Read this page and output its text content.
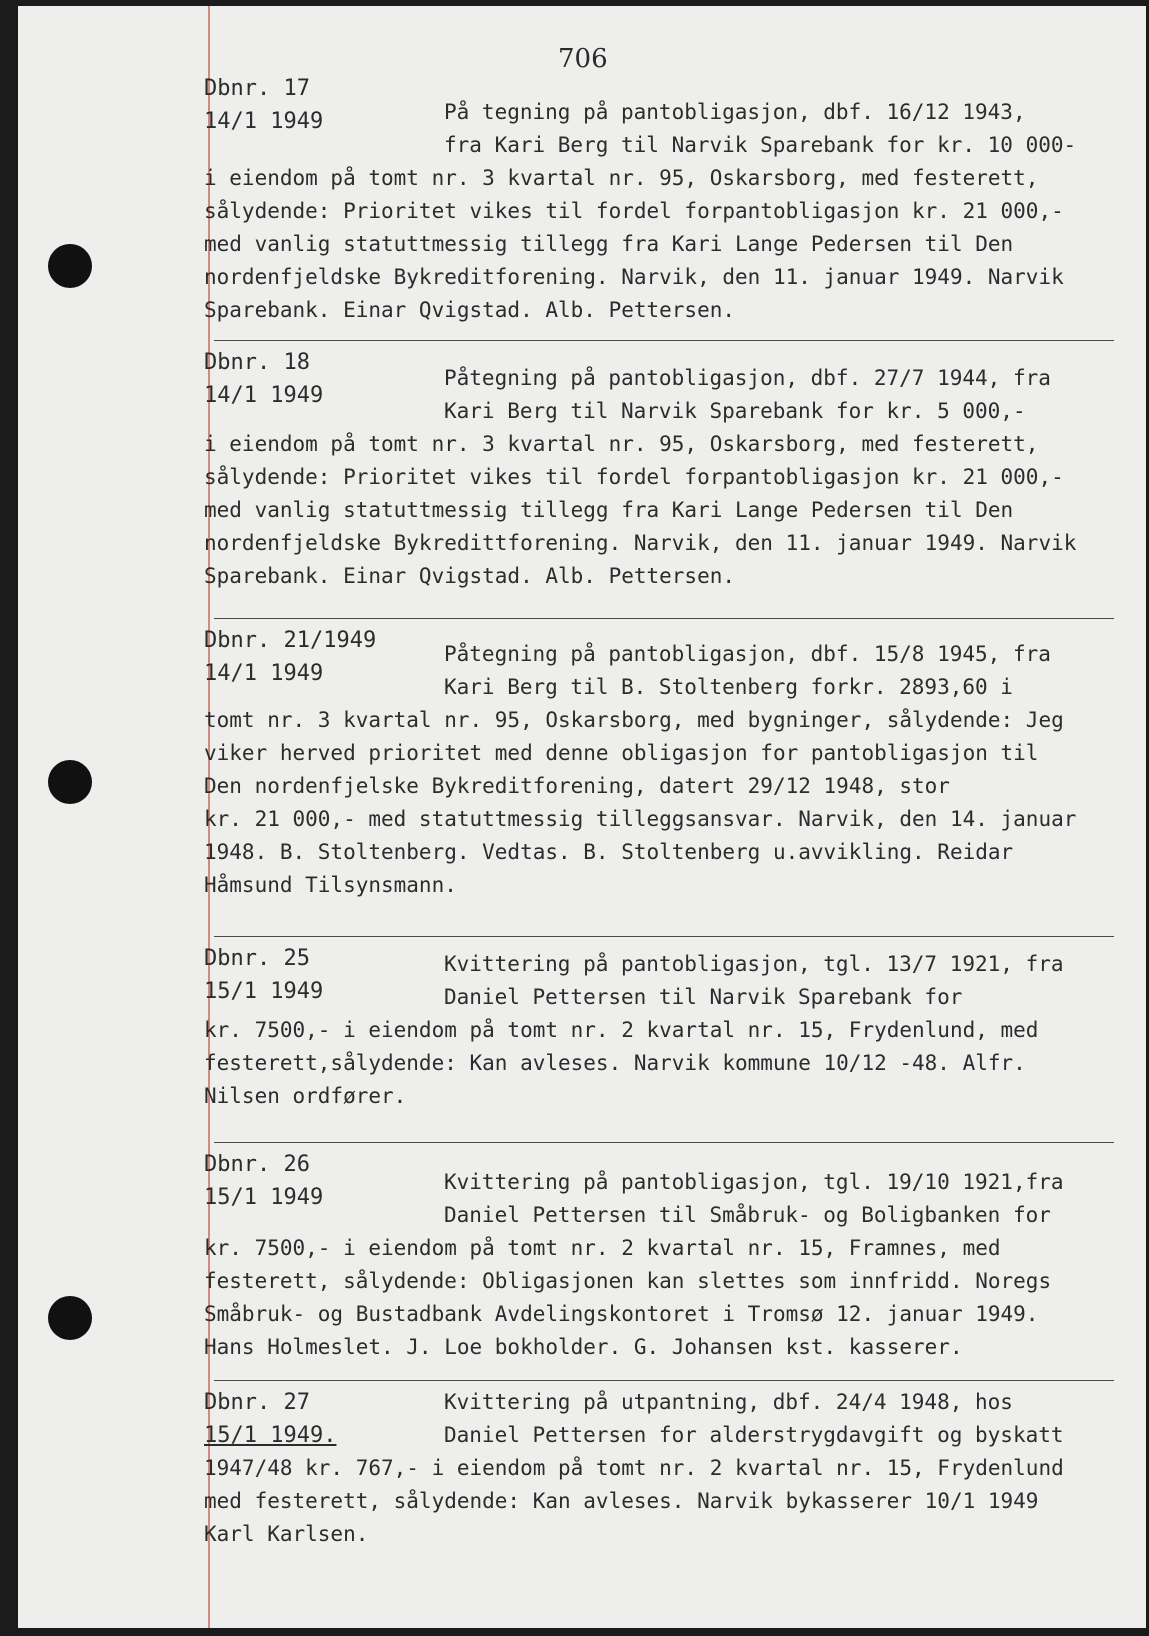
706
Dbnr. 17
14/1 1949	På tegning på pantobligasjon, dbf. 16/12 1943,
fra Kari Berg til Narvik Sparebank for kr. 10 000-
i eiendom på tomt nr. 3 kvartal nr. 95, Oskarsborg, med festerett,
sålydende: Prioritet vikes til fordel forpantobligasjon kr. 21 000,-
med vanlig statuttmessig tillegg fra Kari Lange Pedersen til Den
nordenfjeldske Bykreditforening. Narvik, den 11. januar 1949. Narvik
Sparebank. Einar Qvigstad. Alb. Pettersen.
Dbnr. 18
14/1 1949
Påtegning på pantobligasjon, dbf. 27/7 1944, fra
Kari Berg til Narvik Sparebank for kr. 5 000,-
i eiendom på tomt nr. 3 kvartal nr. 95, Oskarsborg, med festerett,
sålydende: Prioritet vikes til fordel forpantobligasjon kr. 21 000,-
med vanlig statuttmessig tillegg fra Kari Lange Pedersen til Den
nordenfjeldske Bykredittforening. Narvik, den 11. januar 1949. Narvik
Sparebank. Einar Qvigstad. Alb. Pettersen.
Dbnr. 21/1949
14/1 1949
Påtegning på pantobligasjon, dbf. 15/8 1945, fra
Kari Berg til B. Stoltenberg forkr. 2893,60 i
tomt nr. 3 kvartal nr. 95, Oskarsborg, med bygninger, sålydende: Jeg
viker herved prioritet med denne obligasjon for pantobligasjon til
Den nordenfjelske Bykreditforening, datert 29/12 1948, stor
kr. 21 000,- med statuttmessig tilleggsansvar. Narvik, den 14. januar
1948. B. Stoltenberg. Vedtas. B. Stoltenberg u.avvikling. Reidar
Håmsund Tilsynsmann.
Dbnr. 25
15/1 1949
Kvittering på pantobligasjon, tgl. 13/7 1921, fra
Daniel Pettersen til Narvik Sparebank for
kr. 7500,- i eiendom på tomt nr. 2 kvartal nr. 15, Frydenlund, med
festerett,sålydende: Kan avleses. Narvik kommune 10/12 -48. Alfr.
Nilsen ordfører.
Dbnr. 26
15/1 1949
Kvittering på pantobligasjon, tgl. 19/10 1921,fra
Daniel Pettersen til Småbruk- og Boligbanken for
kr. 7500,- i eiendom på tomt nr. 2 kvartal nr. 15, Framnes, med
festerett, sålydende: Obligasjonen kan slettes som innfridd. Noregs
Småbruk- og Bustadbank Avdelingskontoret i Tromsø 12. januar 1949.
Hans Holmeslet. J. Loe bokholder. G. Johansen kst. kasserer.
Dbnr. 27
15/1 1949.
Kvittering på utpantning, dbf. 24/4 1948, hos
Daniel Pettersen for alderstrygdavgift og byskatt
1947/48 kr. 767,- i eiendom på tomt nr. 2 kvartal nr. 15, Frydenlund
med festerett, sålydende: Kan avleses. Narvik bykasserer 10/1 1949
Karl Karlsen.
